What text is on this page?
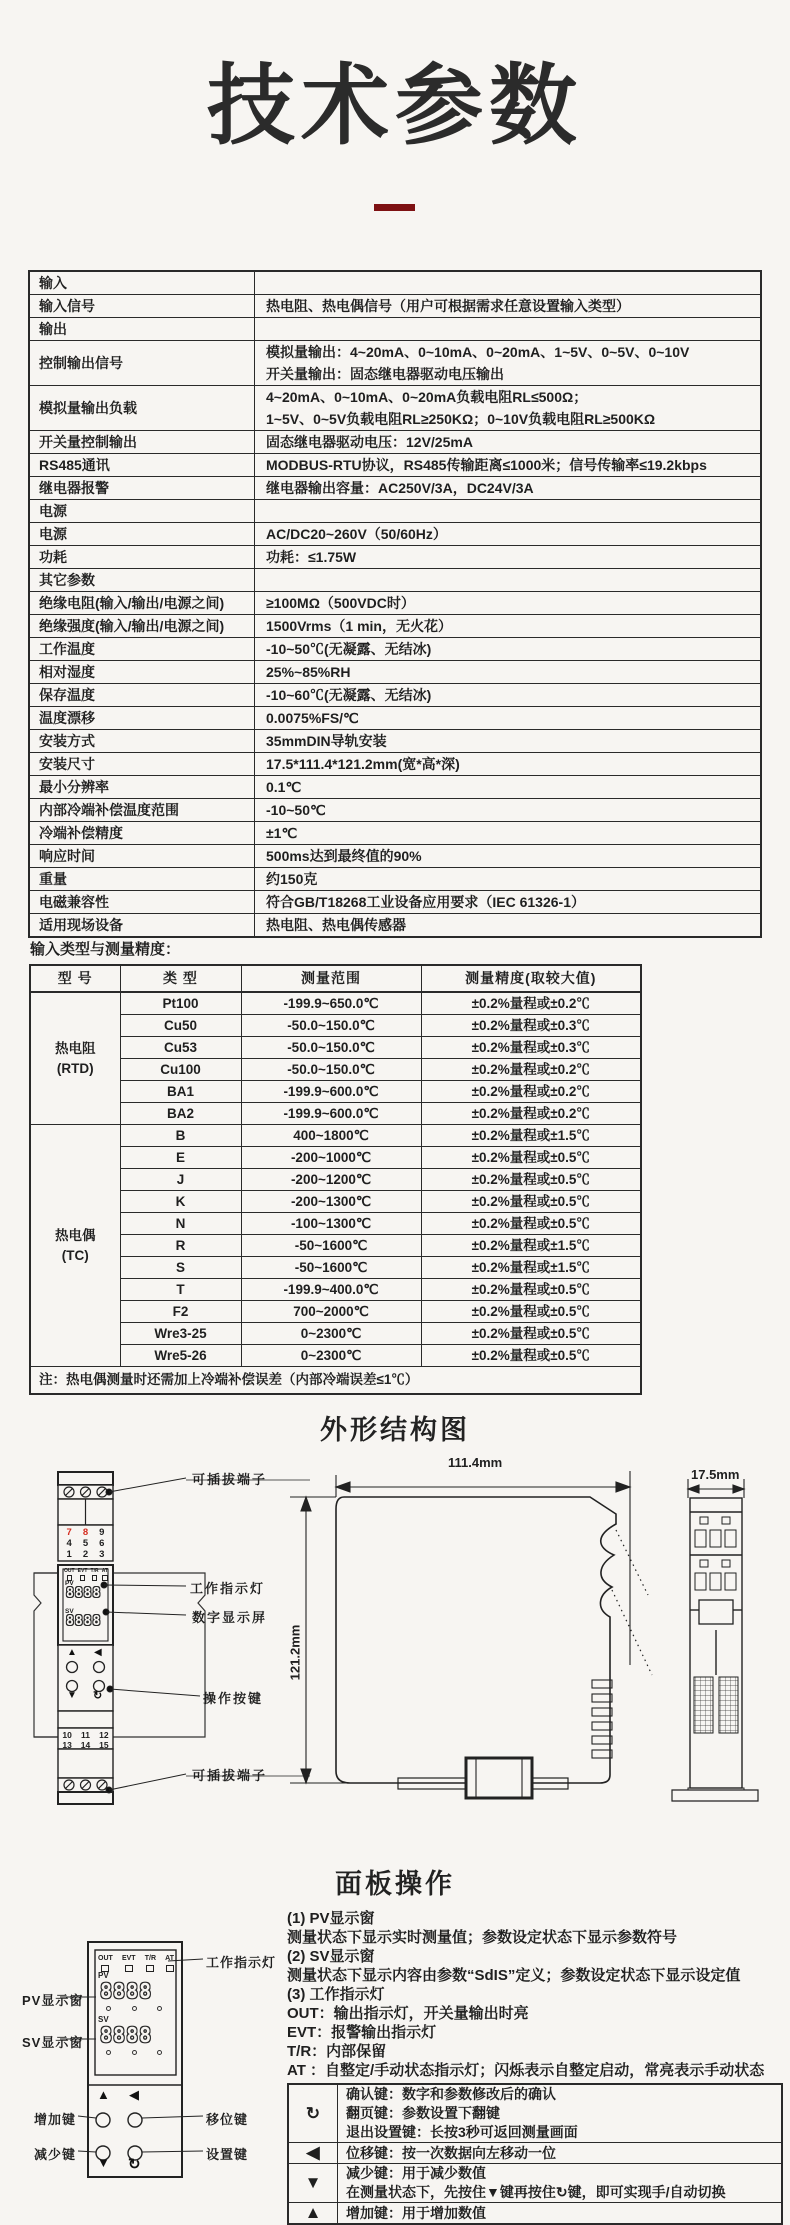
技术参数
输入	
输入信号	热电阻、热电偶信号（用户可根据需求任意设置输入类型）

输出	
控制输出信号	模拟量输出：4~20mA、0~10mA、0~20mA、1~5V、0~5V、0~10V
开关量输出：固态继电器驱动电压输出

模拟量输出负载	4~20mA、0~10mA、0~20mA负载电阻RL≤500Ω；
1~5V、0~5V负载电阻RL≥250KΩ；0~10V负载电阻RL≥500KΩ

开关量控制输出	固态继电器驱动电压：12V/25mA

RS485通讯	MODBUS-RTU协议，RS485传输距离≤1000米；信号传输率≤19.2kbps

继电器报警	继电器输出容量：AC250V/3A，DC24V/3A

电源	
电源	AC/DC20~260V（50/60Hz）

功耗	功耗：≤1.75W

其它参数	
绝缘电阻(输入/输出/电源之间)	≥100MΩ（500VDC时）

绝缘强度(输入/输出/电源之间)	1500Vrms（1 min，无火花）

工作温度	-10~50℃(无凝露、无结冰)

相对湿度	25%~85%RH

保存温度	-10~60℃(无凝露、无结冰)

温度漂移	0.0075%FS/℃

安装方式	35mmDIN导轨安装

安装尺寸	17.5*111.4*121.2mm(宽*高*深)

最小分辨率	0.1℃

内部冷端补偿温度范围	-10~50℃

冷端补偿精度	±1℃

响应时间	500ms达到最终值的90%

重量	约150克

电磁兼容性	符合GB/T18268工业设备应用要求（IEC 61326-1）

适用现场设备	热电阻、热电偶传感器
输入类型与测量精度：
型 号	类 型	测量范围	测量精度(取较大值)

热电阻
(RTD)	Pt100	-199.9~650.0℃	±0.2%量程或±0.2℃
	Cu50	-50.0~150.0℃	±0.2%量程或±0.3℃
	Cu53	-50.0~150.0℃	±0.2%量程或±0.3℃
	Cu100	-50.0~150.0℃	±0.2%量程或±0.2℃
	BA1	-199.9~600.0℃	±0.2%量程或±0.2℃
	BA2	-199.9~600.0℃	±0.2%量程或±0.2℃

热电偶
(TC)	B	400~1800℃	±0.2%量程或±1.5℃
	E	-200~1000℃	±0.2%量程或±0.5℃
	J	-200~1200℃	±0.2%量程或±0.5℃
	K	-200~1300℃	±0.2%量程或±0.5℃
	N	-100~1300℃	±0.2%量程或±0.5℃
	R	-50~1600℃	±0.2%量程或±1.5℃
	S	-50~1600℃	±0.2%量程或±1.5℃
	T	-199.9~400.0℃	±0.2%量程或±0.5℃
	F2	700~2000℃	±0.2%量程或±0.5℃
	Wre3-25	0~2300℃	±0.2%量程或±0.5℃
	Wre5-26	0~2300℃	±0.2%量程或±0.5℃
注：热电偶测量时还需加上冷端补偿误差（内部冷端误差≤1℃）			
外形结构图
7	8	9
4	5	6
1	2	3
10	11	12
13	14	15
OUT EVT T/R AT
PV
8888
SV
8888
▲ ◀
▼ ↻
可插拔端子
工作指示灯
数字显示屏
操作按键
可插拔端子
111.4mm
121.2mm
17.5mm
面板操作
OUT EVT T/R AT
PV
8888
SV
8888
▲ ◀
▼ ↻
工作指示灯
PV显示窗
SV显示窗
增加键
减少键
移位键
设置键
(1) PV显示窗
测量状态下显示实时测量值；参数设定状态下显示参数符号
(2) SV显示窗
测量状态下显示内容由参数“SdIS”定义；参数设定状态下显示设定值
(3) 工作指示灯
OUT：输出指示灯，开关量输出时亮
EVT：报警输出指示灯
T/R：内部保留
AT ：自整定/手动状态指示灯；闪烁表示自整定启动，常亮表示手动状态
↻	确认键：数字和参数修改后的确认
翻页键：参数设置下翻键
退出设置键：长按3秒可返回测量画面

◀	位移键：按一次数据向左移动一位

▼	减少键：用于减少数值
在测量状态下，先按住▼键再按住↻键，即可实现手/自动切换

▲	增加键：用于增加数值
